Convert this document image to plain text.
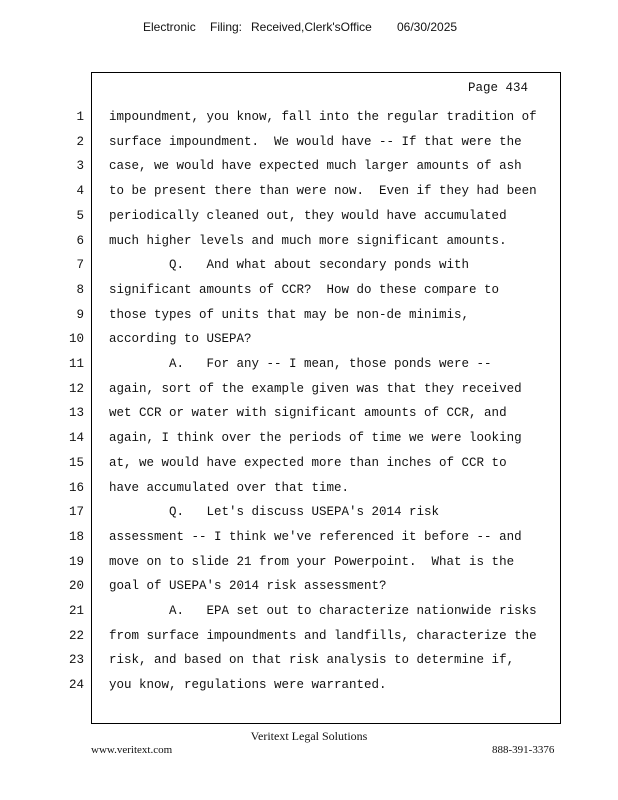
Electronic Filing: Received,Clerk'sOffice 06/30/2025
Page 434
1 impoundment, you know, fall into the regular tradition of
2 surface impoundment.  We would have -- If that were the
3 case, we would have expected much larger amounts of ash
4 to be present there than were now.  Even if they had been
5 periodically cleaned out, they would have accumulated
6 much higher levels and much more significant amounts.
7 Q.   And what about secondary ponds with
8 significant amounts of CCR?  How do these compare to
9 those types of units that may be non-de minimis,
10 according to USEPA?
11 A.   For any -- I mean, those ponds were --
12 again, sort of the example given was that they received
13 wet CCR or water with significant amounts of CCR, and
14 again, I think over the periods of time we were looking
15 at, we would have expected more than inches of CCR to
16 have accumulated over that time.
17 Q.   Let's discuss USEPA's 2014 risk
18 assessment -- I think we've referenced it before -- and
19 move on to slide 21 from your Powerpoint.  What is the
20 goal of USEPA's 2014 risk assessment?
21 A.   EPA set out to characterize nationwide risks
22 from surface impoundments and landfills, characterize the
23 risk, and based on that risk analysis to determine if,
24 you know, regulations were warranted.
Veritext Legal Solutions
www.veritext.com	888-391-3376
